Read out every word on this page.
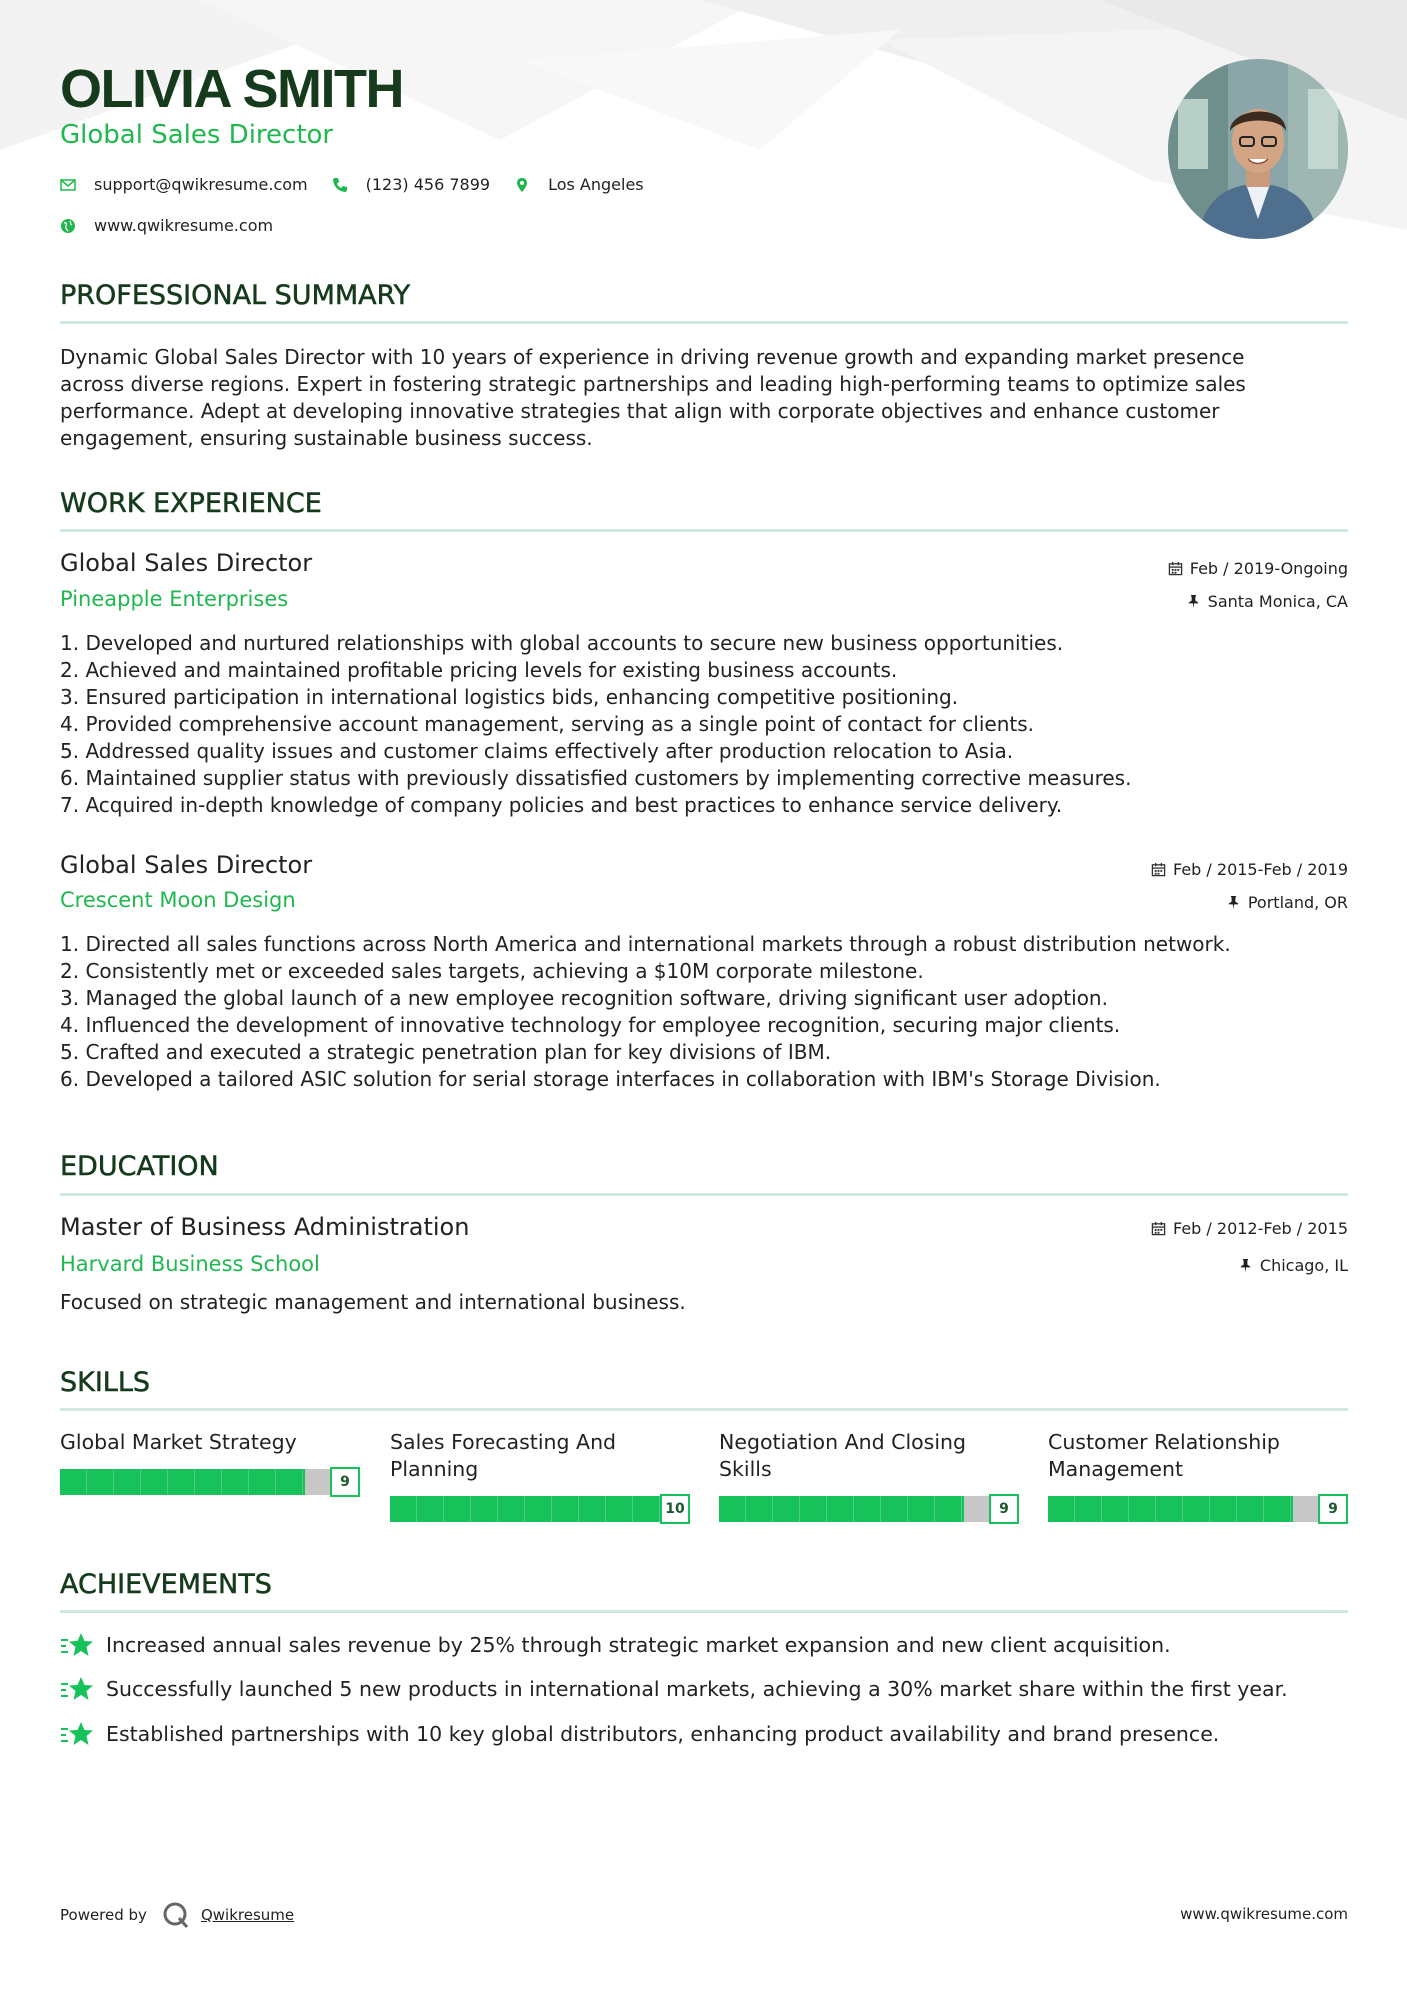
OLIVIA SMITH
Global Sales Director
support@qwikresume.com	(123) 456 7899	Los Angeles
www.qwikresume.com
PROFESSIONAL SUMMARY
Dynamic Global Sales Director with 10 years of experience in driving revenue growth and expanding market presence
across diverse regions. Expert in fostering strategic partnerships and leading high-performing teams to optimize sales
performance. Adept at developing innovative strategies that align with corporate objectives and enhance customer
engagement, ensuring sustainable business success.
WORK EXPERIENCE
Global Sales Director
Pineapple Enterprises
Feb / 2019-Ongoing
Santa Monica, CA
1. Developed and nurtured relationships with global accounts to secure new business opportunities.
2. Achieved and maintained profitable pricing levels for existing business accounts.
3. Ensured participation in international logistics bids, enhancing competitive positioning.
4. Provided comprehensive account management, serving as a single point of contact for clients.
5. Addressed quality issues and customer claims effectively after production relocation to Asia.
6. Maintained supplier status with previously dissatisfied customers by implementing corrective measures.
7. Acquired in-depth knowledge of company policies and best practices to enhance service delivery.
Global Sales Director
Crescent Moon Design
Feb / 2015-Feb / 2019
Portland, OR
1. Directed all sales functions across North America and international markets through a robust distribution network.
2. Consistently met or exceeded sales targets, achieving a $10M corporate milestone.
3. Managed the global launch of a new employee recognition software, driving significant user adoption.
4. Influenced the development of innovative technology for employee recognition, securing major clients.
5. Crafted and executed a strategic penetration plan for key divisions of IBM.
6. Developed a tailored ASIC solution for serial storage interfaces in collaboration with IBM's Storage Division.
EDUCATION
Master of Business Administration
Harvard Business School
Feb / 2012-Feb / 2015
Chicago, IL
Focused on strategic management and international business.
SKILLS
Global Market Strategy
9
Sales Forecasting And
Planning
10
Negotiation And Closing
Skills
9
Customer Relationship
Management
9
ACHIEVEMENTS
Increased annual sales revenue by 25% through strategic market expansion and new client acquisition.
Successfully launched 5 new products in international markets, achieving a 30% market share within the first year.
Established partnerships with 10 key global distributors, enhancing product availability and brand presence.
Powered by	Qwikresume	www.qwikresume.com
